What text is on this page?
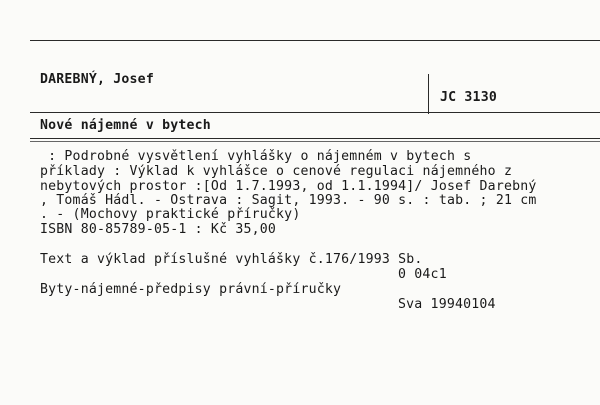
DAREBNÝ, Josef
JC 3130
Nové nájemné v bytech
: Podrobné vysvětlení vyhlášky o nájemném v bytech s
příklady : Výklad k vyhlášce o cenové regulaci nájemného z
nebytových prostor :[Od 1.7.1993, od 1.1.1994]/ Josef Darebný
, Tomáš Hádl. - Ostrava : Sagit, 1993. - 90 s. : tab. ; 21 cm
. - (Mochovy praktické příručky)
ISBN 80-85789-05-1 : Kč 35,00
Text a výklad příslušné vyhlášky č.176/1993 Sb.
0 04c1
Byty-nájemné-předpisy právní-příručky
Sva 19940104
